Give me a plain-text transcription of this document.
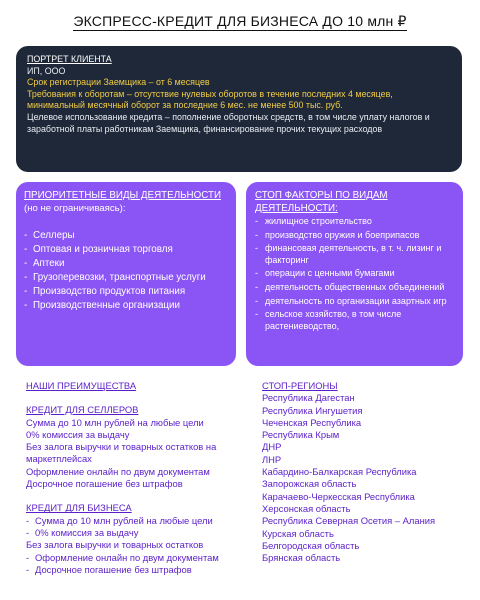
ЭКСПРЕСС-КРЕДИТ ДЛЯ БИЗНЕСА ДО 10 млн ₽
ПОРТРЕТ КЛИЕНТА
ИП, ООО
Срок регистрации Заемщика – от 6 месяцев
Требования к оборотам – отсутствие нулевых оборотов в течение последних 4 месяцев, минимальный месячный оборот за последние 6 мес. не менее 500 тыс. руб.
Целевое использование кредита – пополнение оборотных средств, в том числе уплату налогов и заработной платы работникам Заемщика, финансирование прочих текущих расходов
ПРИОРИТЕТНЫЕ ВИДЫ ДЕЯТЕЛЬНОСТИ
(но не ограничиваясь):
- Селлеры
- Оптовая и розничная торговля
- Аптеки
- Грузоперевозки, транспортные услуги
- Производство продуктов питания
- Производственные организации
СТОП ФАКТОРЫ ПО ВИДАМ ДЕЯТЕЛЬНОСТИ:
- жилищное строительство
- производство оружия и боеприпасов
- финансовая деятельность, в т. ч. лизинг и факторинг
- операции с ценными бумагами
- деятельность общественных объединений
- деятельность по организации азартных игр
- сельское хозяйство, в том числе растениеводство,
НАШИ ПРЕИМУЩЕСТВА
КРЕДИТ ДЛЯ СЕЛЛЕРОВ
Сумма до 10 млн рублей на любые цели
0% комиссия за выдачу
Без залога выручки и товарных остатков на маркетплейсах
Оформление онлайн по двум документам
Досрочное погашение без штрафов
КРЕДИТ ДЛЯ БИЗНЕСА
- Сумма до 10 млн рублей на любые цели
- 0% комиссия за выдачу
Без залога выручки и товарных остатков
- Оформление онлайн по двум документам
- Досрочное погашение без штрафов
СТОП-РЕГИОНЫ
Республика Дагестан
Республика Ингушетия
Чеченская Республика
Республика Крым
ДНР
ЛНР
Кабардино-Балкарская Республика
Запорожская область
Карачаево-Черкесская Республика
Херсонская область
Республика Северная Осетия – Алания
Курская область
Белгородская область
Брянская область
